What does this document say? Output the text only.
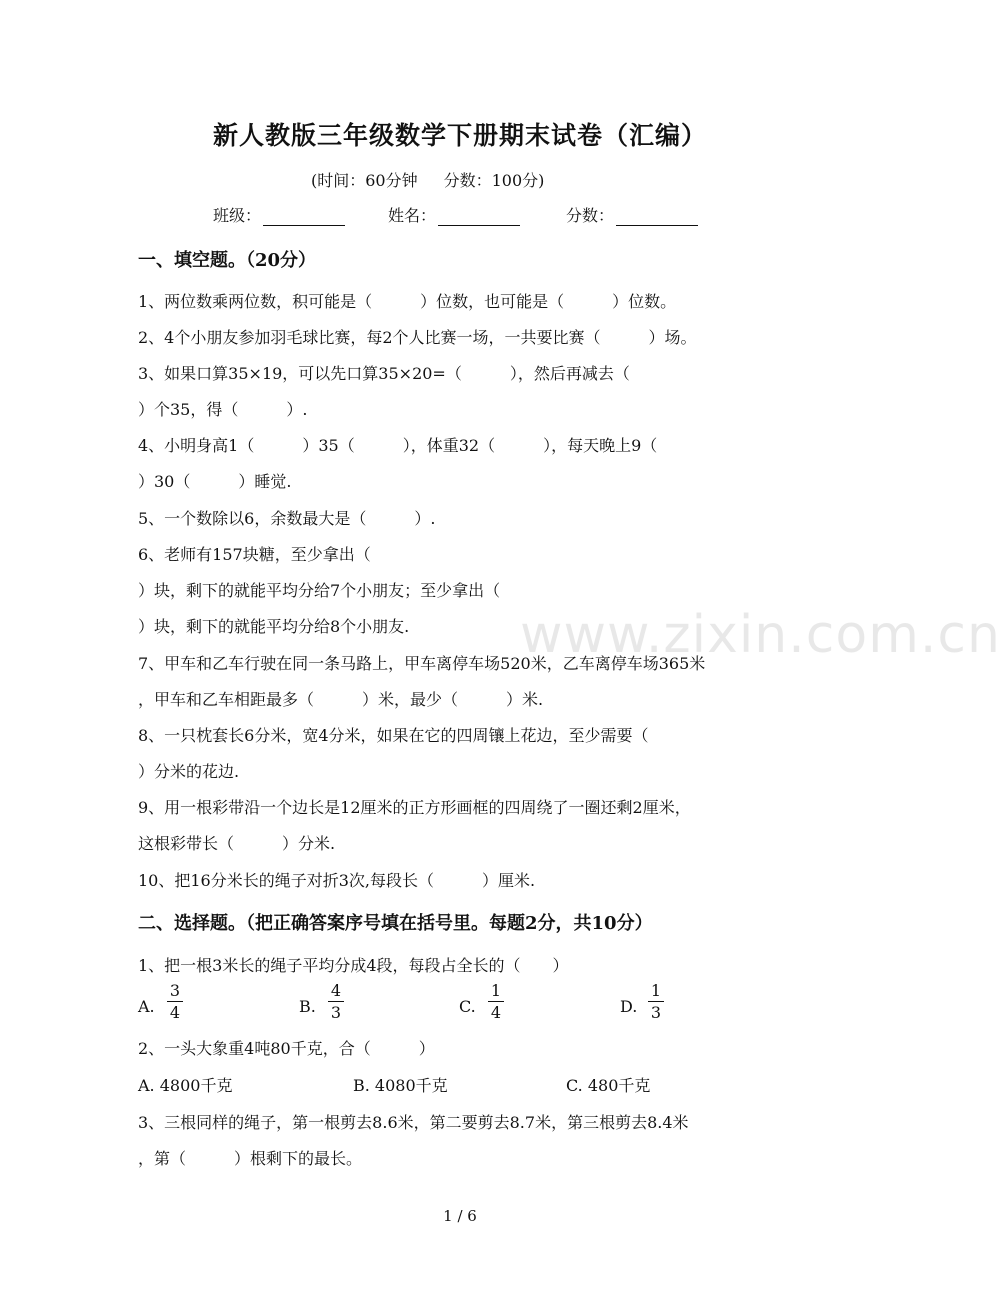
新人教版三年级数学下册期末试卷（汇编）
(时间：60分钟 分数：100分)
班级：	姓名：	分数：
一、填空题。（20分）
1、两位数乘两位数，积可能是（　　　）位数，也可能是（　　　）位数。
2、4个小朋友参加羽毛球比赛，每2个人比赛一场，一共要比赛（　　　）场。
3、如果口算35×19，可以先口算35×20=（　　　），然后再减去（
）个35，得（　　　）.
4、小明身高1（　　　）35（　　　），体重32（　　　），每天晚上9（
）30（　　　）睡觉.
5、一个数除以6，余数最大是（　　　）.
6、老师有157块糖，至少拿出（
）块，剩下的就能平均分给7个小朋友；至少拿出（
）块，剩下的就能平均分给8个小朋友.
7、甲车和乙车行驶在同一条马路上，甲车离停车场520米，乙车离停车场365米
，甲车和乙车相距最多（　　　）米，最少（　　　）米.
8、一只枕套长6分米，宽4分米，如果在它的四周镶上花边，至少需要（
）分米的花边.
9、用一根彩带沿一个边长是12厘米的正方形画框的四周绕了一圈还剩2厘米，
这根彩带长（　　　）分米.
10、把16分米长的绳子对折3次,每段长（　　　）厘米.
二、选择题。（把正确答案序号填在括号里。每题2分，共10分）
1、把一根3米长的绳子平均分成4段，每段占全长的（　　）
A. $\frac{3}{4}$	B. $\frac{4}{3}$	C. $\frac{1}{4}$	D. $\frac{1}{3}$
2、一头大象重4吨80千克，合（　　　）
A. 4800千克	B. 4080千克	C. 480千克
3、三根同样的绳子，第一根剪去8.6米，第二要剪去8.7米，第三根剪去8.4米
，第（　　　）根剩下的最长。
www.zixin.com.cn
1 / 6
